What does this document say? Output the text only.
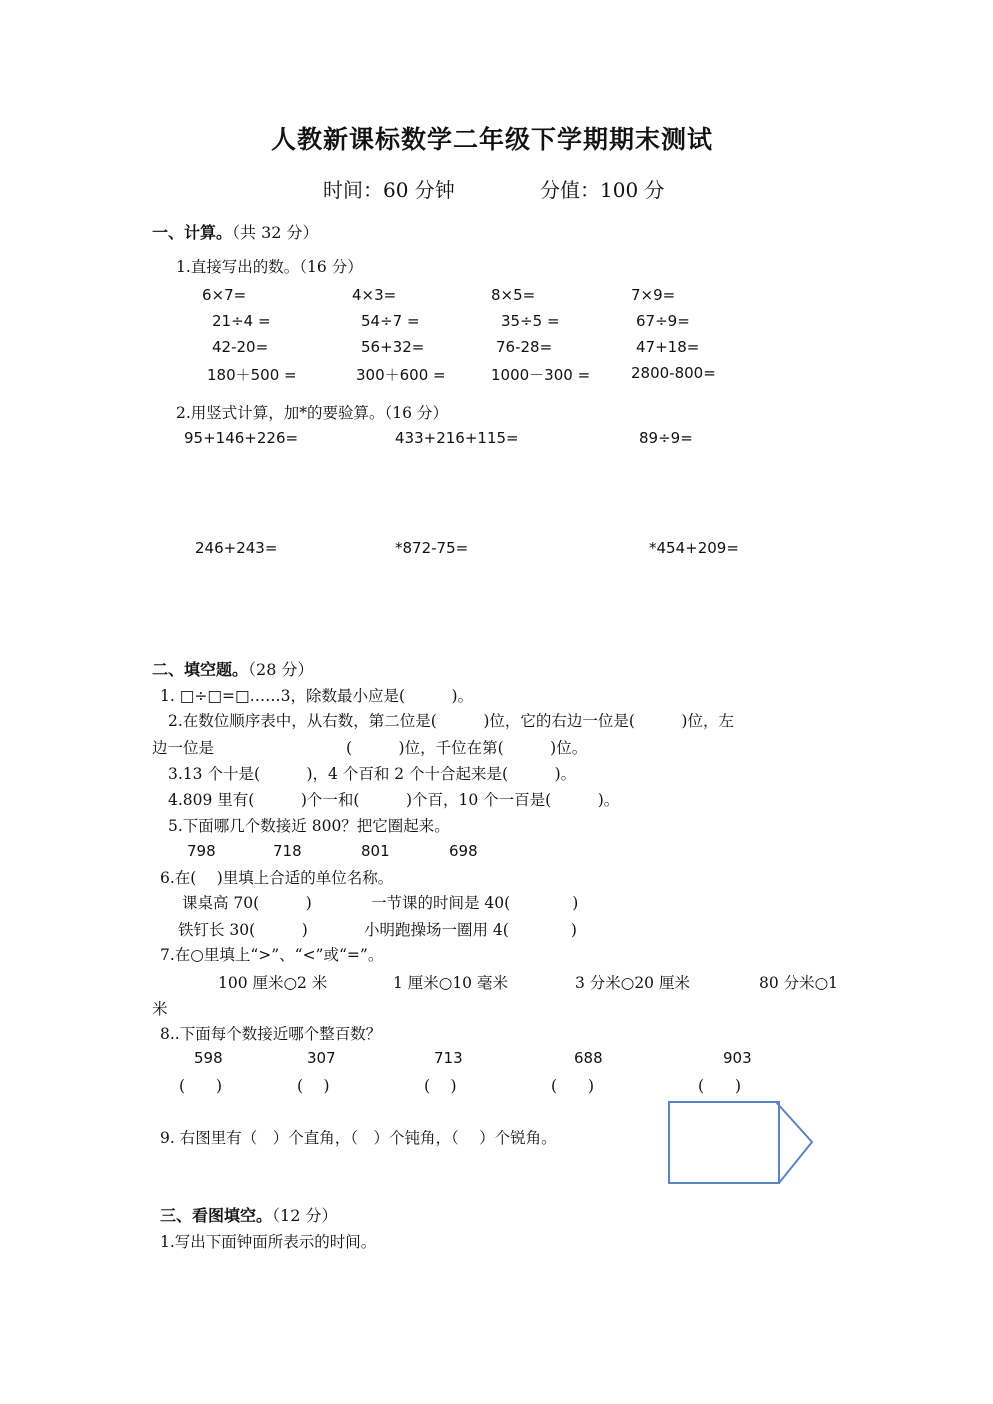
人教新课标数学二年级下学期期末测试
时间：60 分钟	分值：100 分
一、计算。（共 32 分）
1.直接写出的数。（16 分）
6×7=	4×3=	8×5=	7×9=
21÷4 =	54÷7 =	35÷5 =	67÷9=
42-20=	56+32=	76-28=	47+18=
180＋500 =	300＋600 =	1000－300 =	2800-800=
2.用竖式计算，加*的要验算。（16 分）
95+146+226=	433+216+115=	89÷9=
246+243=	*872-75=	*454+209=
二、填空题。（28 分）
1. □÷□=□……3，除数最小应是(　　　)。
2.在数位顺序表中，从右数，第二位是(　　　)位，它的右边一位是(　　　)位，左
边一位是	(　　　)位，千位在第(　　　)位。
3.13 个十是(　　　)，4 个百和 2 个十合起来是(　　　)。
4.809 里有(　　　)个一和(　　　)个百，10 个一百是(　　　)。
5.下面哪几个数接近 800？把它圈起来。
798	718	801	698
6.在(　 )里填上合适的单位名称。
课桌高 70(　　　)	一节课的时间是 40(　　　　)
铁钉长 30(　　　)	小明跑操场一圈用 4(　　　　)
7.在○里填上“>”、“<”或“=”。
100 厘米○2 米	1 厘米○10 毫米	3 分米○20 厘米	80 分米○1
米
8..下面每个数接近哪个整百数？
598	307	713	688	903
(　　)	(　 )	(　 )	(　　)	(　　)
9. 右图里有（　）个直角，（　）个钝角，（　 ）个锐角。
三、看图填空。（12 分）
1.写出下面钟面所表示的时间。
